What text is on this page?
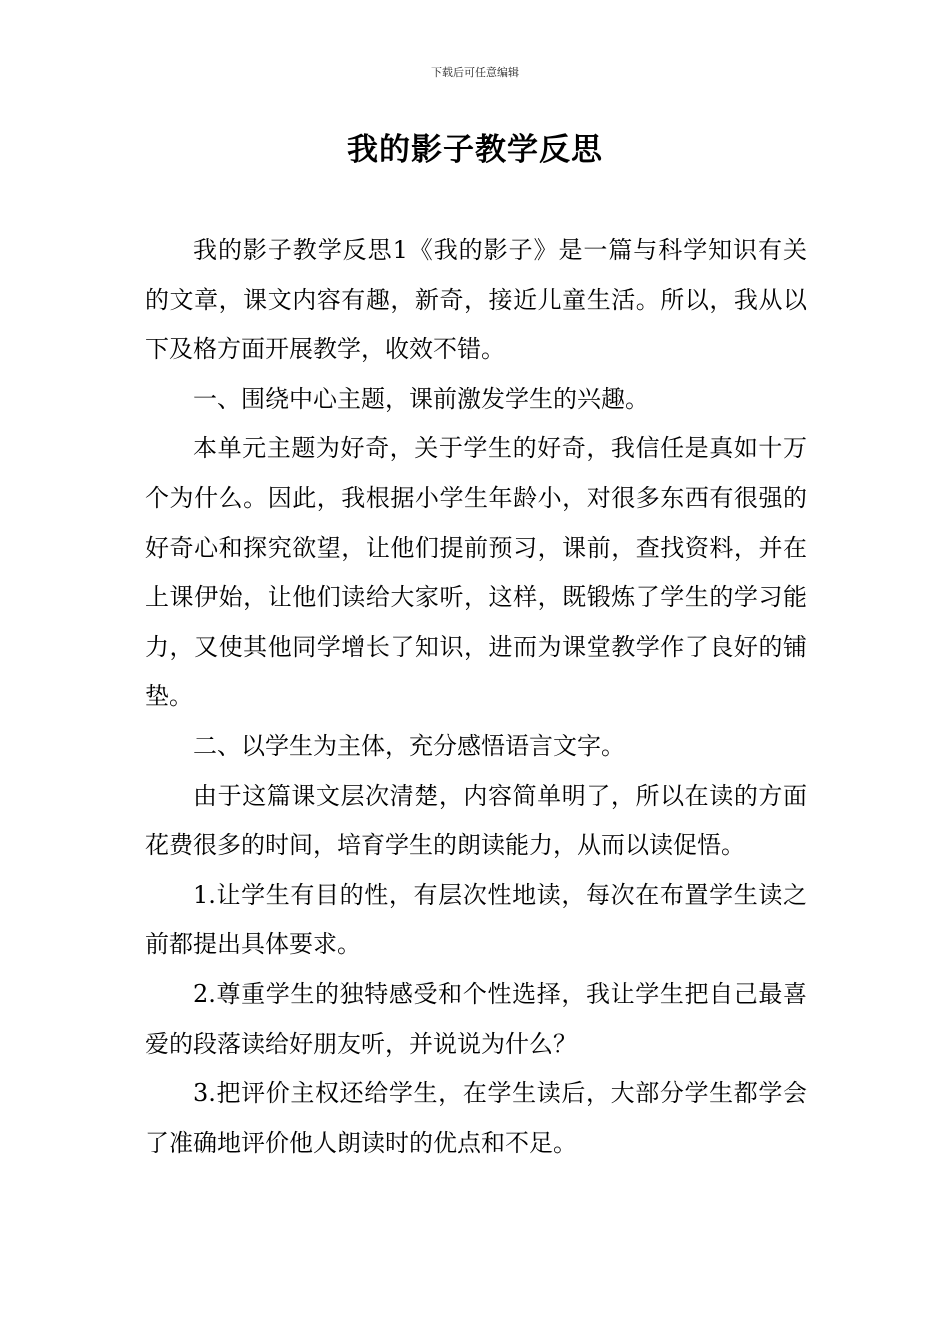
下载后可任意编辑
我的影子教学反思

我的影子教学反思1《我的影子》是一篇与科学知识有关的文章，课文内容有趣，新奇，接近儿童生活。所以，我从以下及格方面开展教学，收效不错。

一、围绕中心主题，课前激发学生的兴趣。

本单元主题为好奇，关于学生的好奇，我信任是真如十万个为什么。因此，我根据小学生年龄小，对很多东西有很强的好奇心和探究欲望，让他们提前预习，课前，查找资料，并在上课伊始，让他们读给大家听，这样，既锻炼了学生的学习能力，又使其他同学增长了知识，进而为课堂教学作了良好的铺垫。

二、以学生为主体，充分感悟语言文字。

由于这篇课文层次清楚，内容简单明了，所以在读的方面花费很多的时间，培育学生的朗读能力，从而以读促悟。

1.让学生有目的性，有层次性地读，每次在布置学生读之前都提出具体要求。

2.尊重学生的独特感受和个性选择，我让学生把自己最喜爱的段落读给好朋友听，并说说为什么？

3.把评价主权还给学生，在学生读后，大部分学生都学会了准确地评价他人朗读时的优点和不足。
